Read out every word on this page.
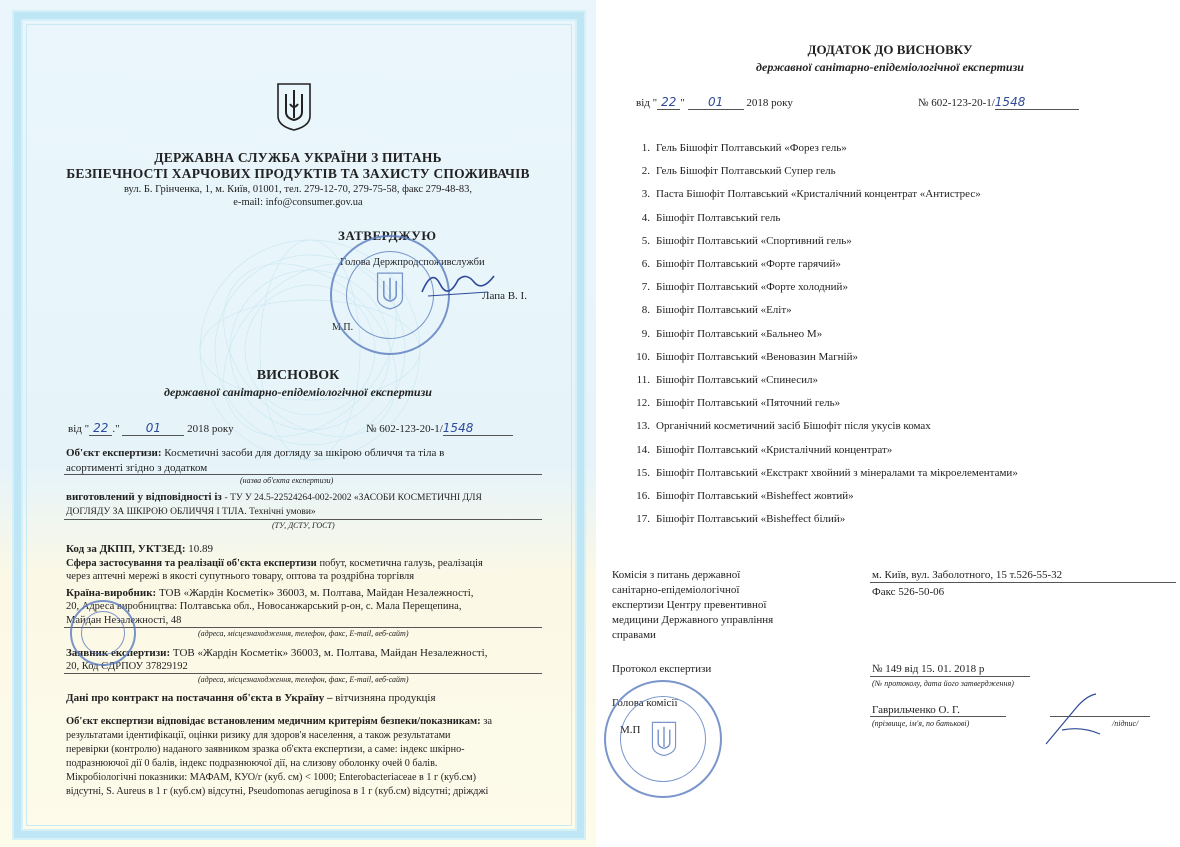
ДЕРЖАВНА СЛУЖБА УКРАЇНИ З ПИТАНЬ
БЕЗПЕЧНОСТІ ХАРЧОВИХ ПРОДУКТІВ ТА ЗАХИСТУ СПОЖИВАЧІВ
вул. Б. Грінченка, 1, м. Київ, 01001, тел. 279-12-70, 279-75-58, факс 279-48-83,
e-mail: info@consumer.gov.ua
ЗАТВЕРДЖУЮ
Голова Держпродспоживслужби
Лапа В. І.
М.П.
ВИСНОВОК
державної санітарно-епідеміологічної експертизи
від " 22 ." 01 2018 року	№ 602-123-20-1/1548
Об'єкт експертизи: Косметичні засоби для догляду за шкірою обличчя та тіла в
асортименті згідно з додатком
(назва об'єкта експертизи)
виготовлений у відповідності із - ТУ У 24.5-22524264-002-2002 «ЗАСОБИ КОСМЕТИЧНІ ДЛЯ
ДОГЛЯДУ ЗА ШКІРОЮ ОБЛИЧЧЯ І ТІЛА. Технічні умови»
(ТУ, ДСТУ, ГОСТ)
Код за ДКПП, УКТЗЕД: 10.89
Сфера застосування та реалізації об'єкта експертизи побут, косметична галузь, реалізація
через аптечні мережі в якості супутнього товару, оптова та роздрібна торгівля
Країна-виробник: ТОВ «Жардін Косметік» 36003, м. Полтава, Майдан Незалежності,
20, Адреса виробництва: Полтавська обл., Новосанжарський р-он, с. Мала Перещепина,
Майдан Незалежності, 48
(адреса, місцезнаходження, телефон, факс, E-mail, веб-сайт)
Заявник експертизи: ТОВ «Жардін Косметік» 36003, м. Полтава, Майдан Незалежності,
20, Код ЄДРПОУ 37829192
(адреса, місцезнаходження, телефон, факс, E-mail, веб-сайт)
Дані про контракт на постачання об'єкта в Україну – вітчизняна продукція
Об'єкт експертизи відповідає встановленим медичним критеріям безпеки/показникам: за
результатами ідентифікації, оцінки ризику для здоров'я населення, а також результатами
перевірки (контролю) наданого заявником зразка об'єкта експертизи, а саме: індекс шкірно-
подразнюючої дії 0 балів, індекс подразнюючої дії, на слизову оболонку очей 0 балів.
Мікробіологічні показники: МАФАМ, КУО/г (куб. см) < 1000; Enterobacteriaceae в 1 г (куб.см)
відсутні, S. Aureus в 1 г (куб.см) відсутні, Pseudomonas aeruginosa в 1 г (куб.см) відсутні; дріжджі
ДОДАТОК ДО ВИСНОВКУ
державної санітарно-епідеміологічної експертизи
від " 22 " 01 2018 року	№ 602-123-20-1/1548
1. Гель Бішофіт Полтавський «Форез гель»
2. Гель Бішофіт Полтавський Супер гель
3. Паста Бішофіт Полтавський «Кристалічний концентрат «Антистрес»
4. Бішофіт Полтавський гель
5. Бішофіт Полтавський «Спортивний гель»
6. Бішофіт Полтавський «Форте гарячий»
7. Бішофіт Полтавський «Форте холодний»
8. Бішофіт Полтавський «Еліт»
9. Бішофіт Полтавський «Бальнео М»
10. Бішофіт Полтавський «Веновазин Магній»
11. Бішофіт Полтавський «Спинесил»
12. Бішофіт Полтавський «Пяточний гель»
13. Органічний косметичний засіб Бішофіт після укусів комах
14. Бішофіт Полтавський «Кристалічний концентрат»
15. Бішофіт Полтавський «Екстракт хвойний з мінералами та мікроелементами»
16. Бішофіт Полтавський «Bisheffect жовтий»
17. Бішофіт Полтавський «Bisheffect білий»
Комісія з питань державної
санітарно-епідеміологічної
експертизи Центру превентивної
медицини Державного управління
справами
м. Київ, вул. Заболотного, 15 т.526-55-32
Факс 526-50-06
Протокол експертизи	№ 149 від 15. 01. 2018 р
(№ протоколу, дата його затвердження)
Голова комісії
Гаврильченко О. Г.
(прізвище, ім'я, по батькові)	/підпис/
М.П
